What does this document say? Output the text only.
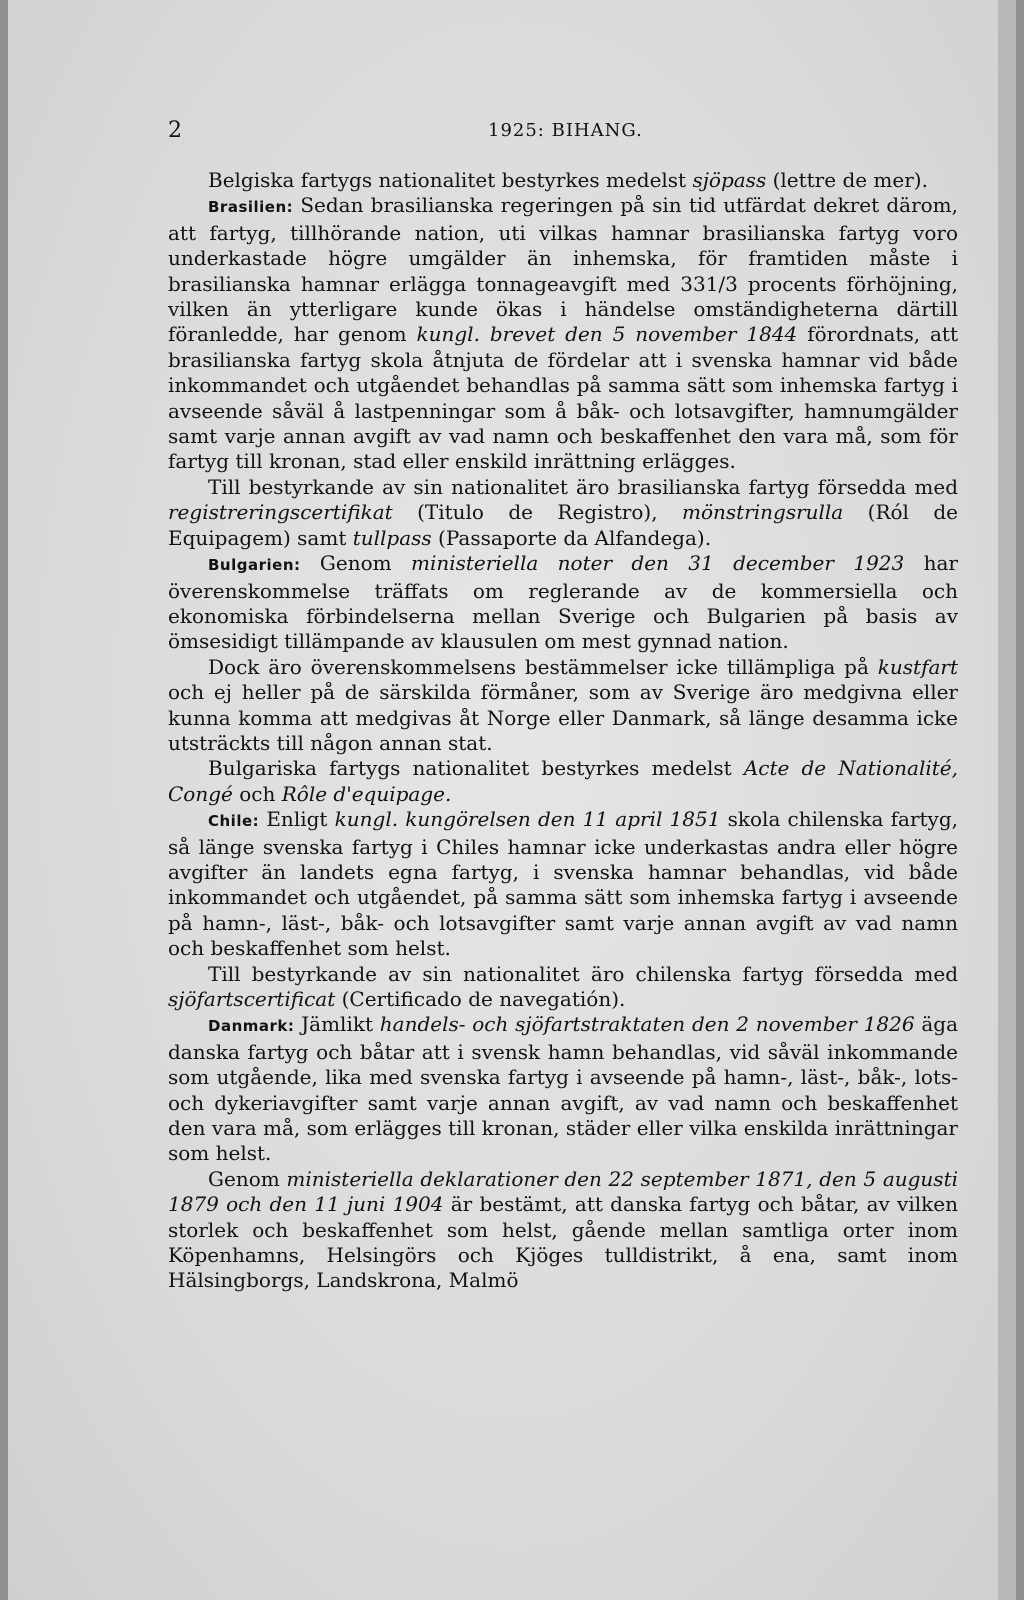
2	1925: BIHANG.

Belgiska fartygs nationalitet bestyrkes medelst sjöpass (lettre de mer).

Brasilien: Sedan brasilianska regeringen på sin tid utfärdat dekret därom, att fartyg, tillhörande nation, uti vilkas hamnar brasilianska fartyg voro underkastade högre umgälder än inhemska, för framtiden måste i brasilianska hamnar erlägga tonnageavgift med 331/3 procents förhöjning, vilken än ytterligare kunde ökas i händelse omständigheterna därtill föranledde, har genom kungl. brevet den 5 november 1844 förordnats, att brasilianska fartyg skola åtnjuta de fördelar att i svenska hamnar vid både inkommandet och utgåendet behandlas på samma sätt som inhemska fartyg i avseende såväl å lastpenningar som å båk- och lotsavgifter, hamnumgälder samt varje annan avgift av vad namn och beskaffenhet den vara må, som för fartyg till kronan, stad eller enskild inrättning erlägges.

Till bestyrkande av sin nationalitet äro brasilianska fartyg försedda med registreringscertifikat (Titulo de Registro), mönstringsrulla (Ról de Equipagem) samt tullpass (Passaporte da Alfandega).

Bulgarien: Genom ministeriella noter den 31 december 1923 har överenskommelse träffats om reglerande av de kommersiella och ekonomiska förbindelserna mellan Sverige och Bulgarien på basis av ömsesidigt tillämpande av klausulen om mest gynnad nation.

Dock äro överenskommelsens bestämmelser icke tillämpliga på kustfart och ej heller på de särskilda förmåner, som av Sverige äro medgivna eller kunna komma att medgivas åt Norge eller Danmark, så länge desamma icke utsträckts till någon annan stat.

Bulgariska fartygs nationalitet bestyrkes medelst Acte de Nationalité, Congé och Rôle d'equipage.

Chile: Enligt kungl. kungörelsen den 11 april 1851 skola chilenska fartyg, så länge svenska fartyg i Chiles hamnar icke underkastas andra eller högre avgifter än landets egna fartyg, i svenska hamnar behandlas, vid både inkommandet och utgåendet, på samma sätt som inhemska fartyg i avseende på hamn-, läst-, båk- och lotsavgifter samt varje annan avgift av vad namn och beskaffenhet som helst.

Till bestyrkande av sin nationalitet äro chilenska fartyg försedda med sjöfartscertificat (Certificado de navegatión).

Danmark: Jämlikt handels- och sjöfartstraktaten den 2 november 1826 äga danska fartyg och båtar att i svensk hamn behandlas, vid såväl inkommande som utgående, lika med svenska fartyg i avseende på hamn-, läst-, båk-, lots- och dykeriavgifter samt varje annan avgift, av vad namn och beskaffenhet den vara må, som erlägges till kronan, städer eller vilka enskilda inrättningar som helst.

Genom ministeriella deklarationer den 22 september 1871, den 5 augusti 1879 och den 11 juni 1904 är bestämt, att danska fartyg och båtar, av vilken storlek och beskaffenhet som helst, gående mellan samtliga orter inom Köpenhamns, Helsingörs och Kjöges tulldistrikt, å ena, samt inom Hälsingborgs, Landskrona, Malmö
